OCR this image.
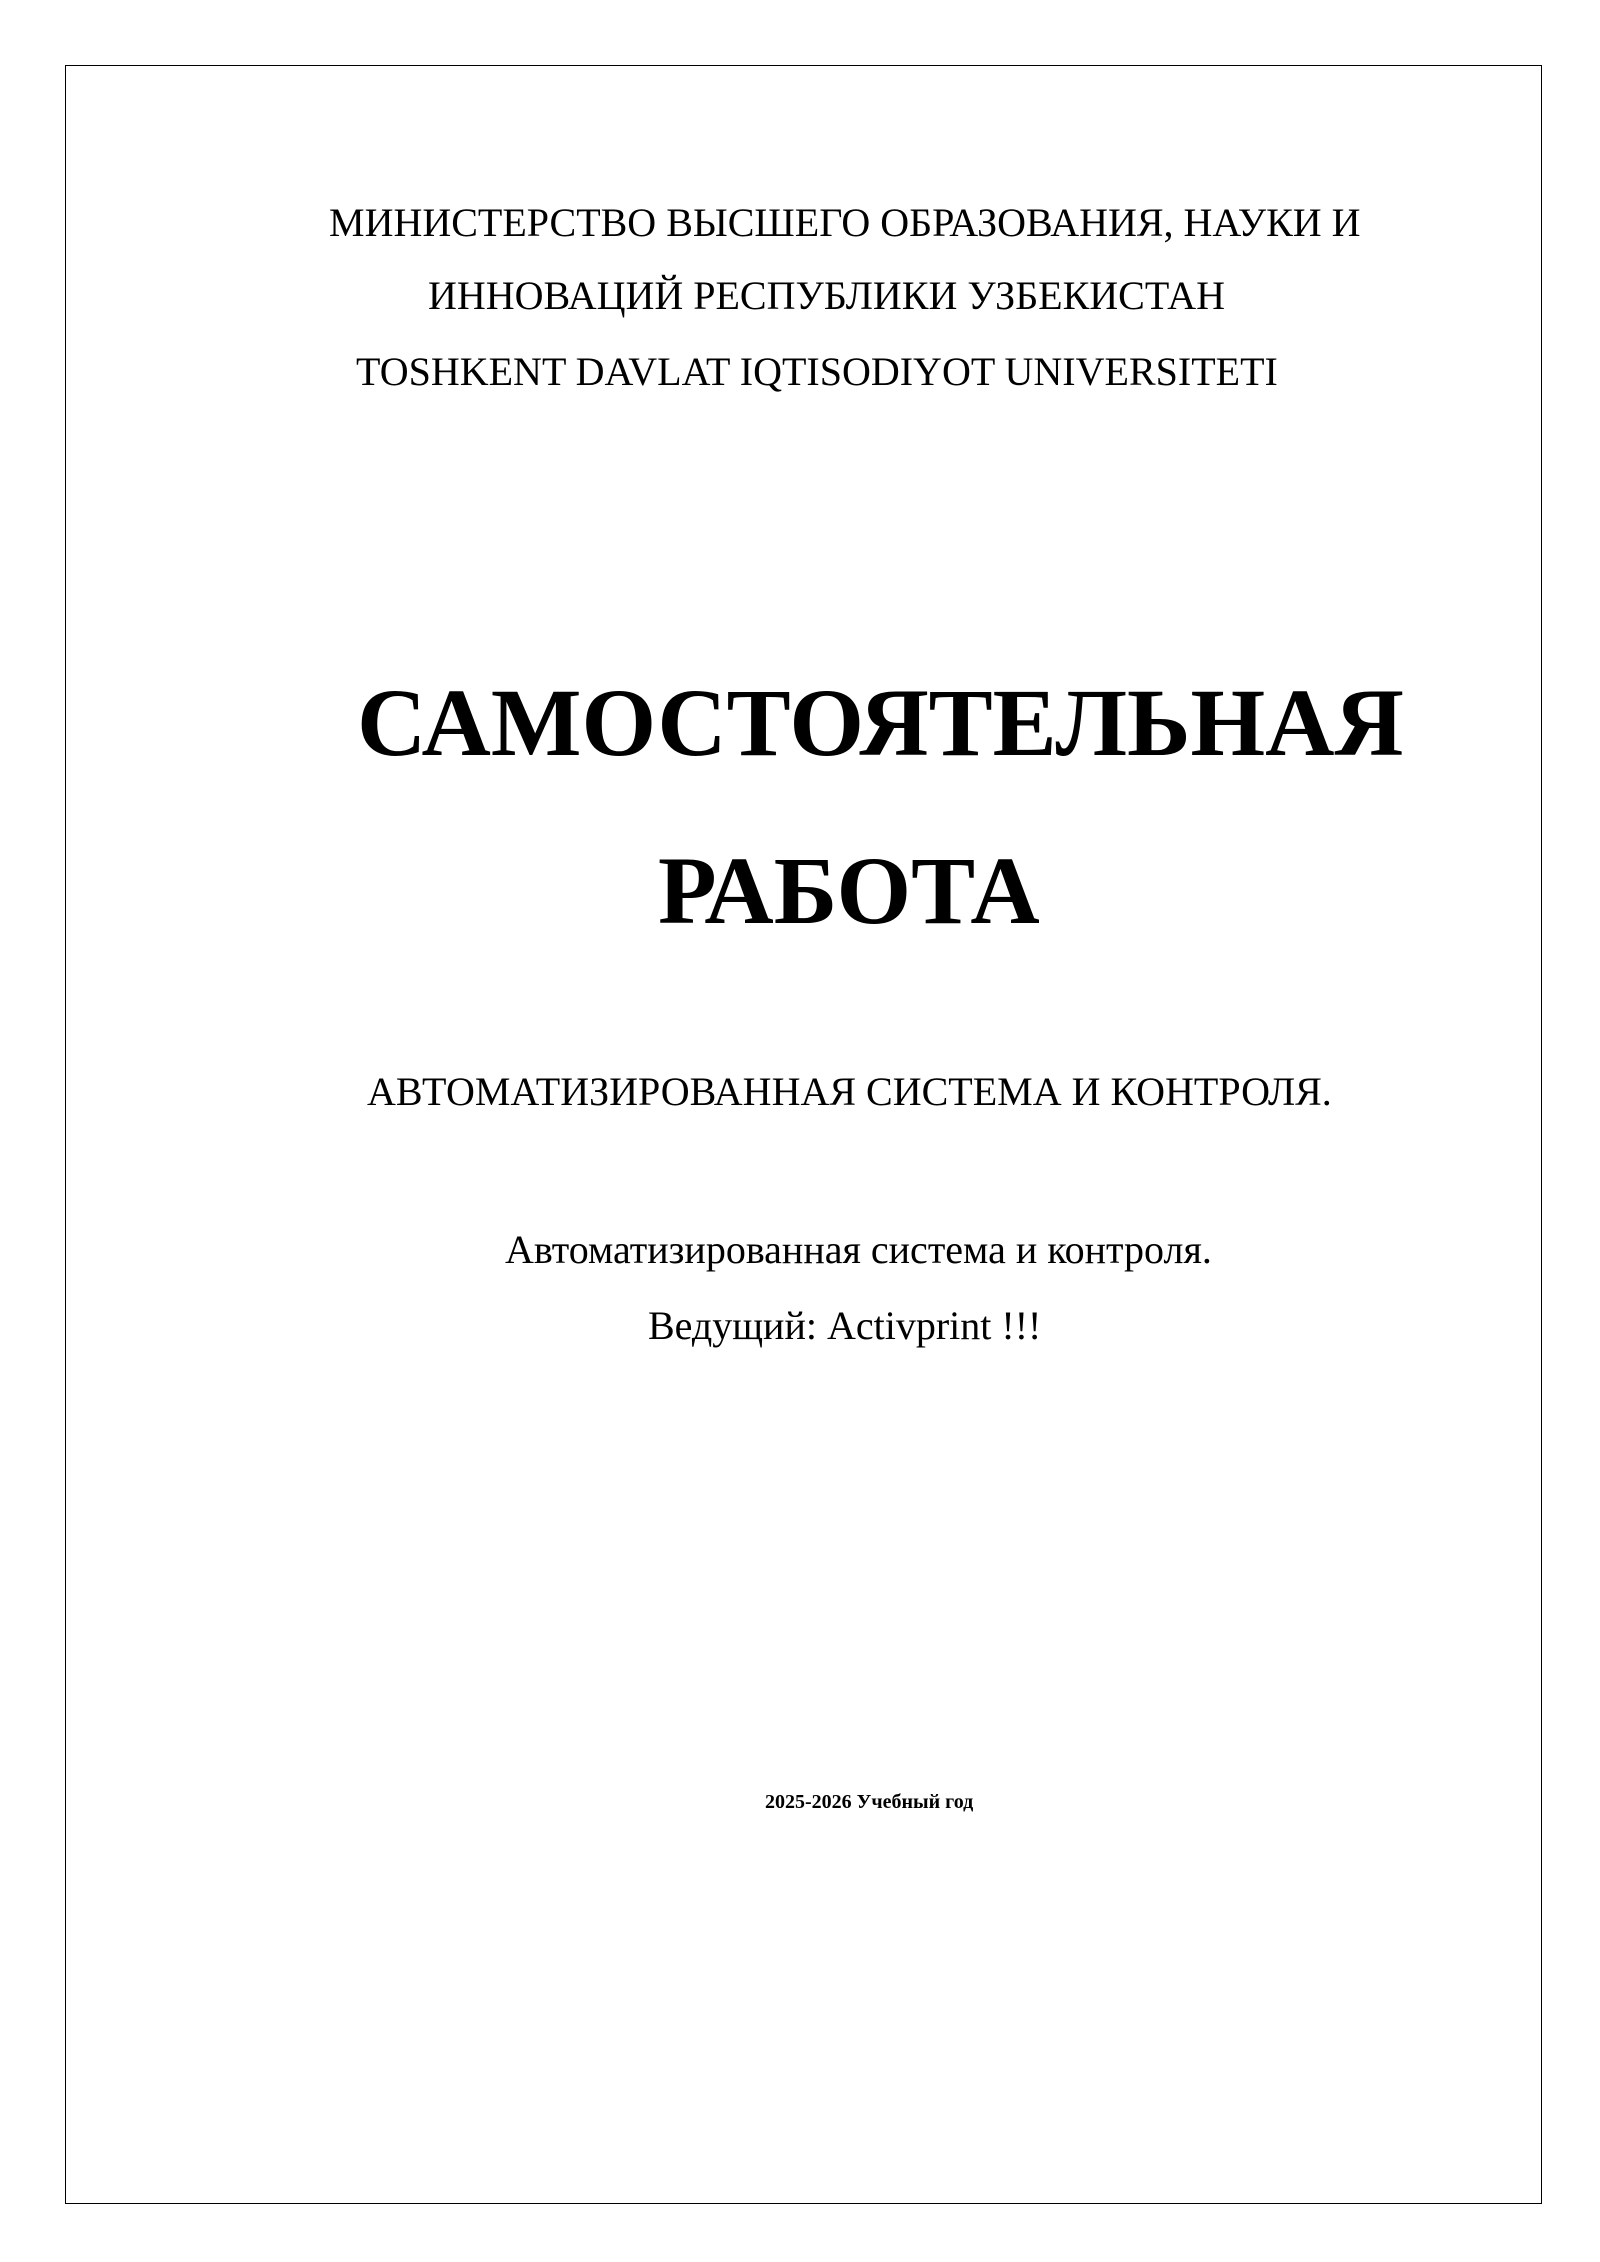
МИНИСТЕРСТВО ВЫСШЕГО ОБРАЗОВАНИЯ, НАУКИ И
ИННОВАЦИЙ РЕСПУБЛИКИ УЗБЕКИСТАН
TOSHKENT DAVLAT IQTISODIYOT UNIVERSITETI
САМОСТОЯТЕЛЬНАЯ
РАБОТА
АВТОМАТИЗИРОВАННАЯ СИСТЕМА И КОНТРОЛЯ.
Автоматизированная система и контроля.
Ведущий: Activprint !!!
2025-2026 Учебный год
